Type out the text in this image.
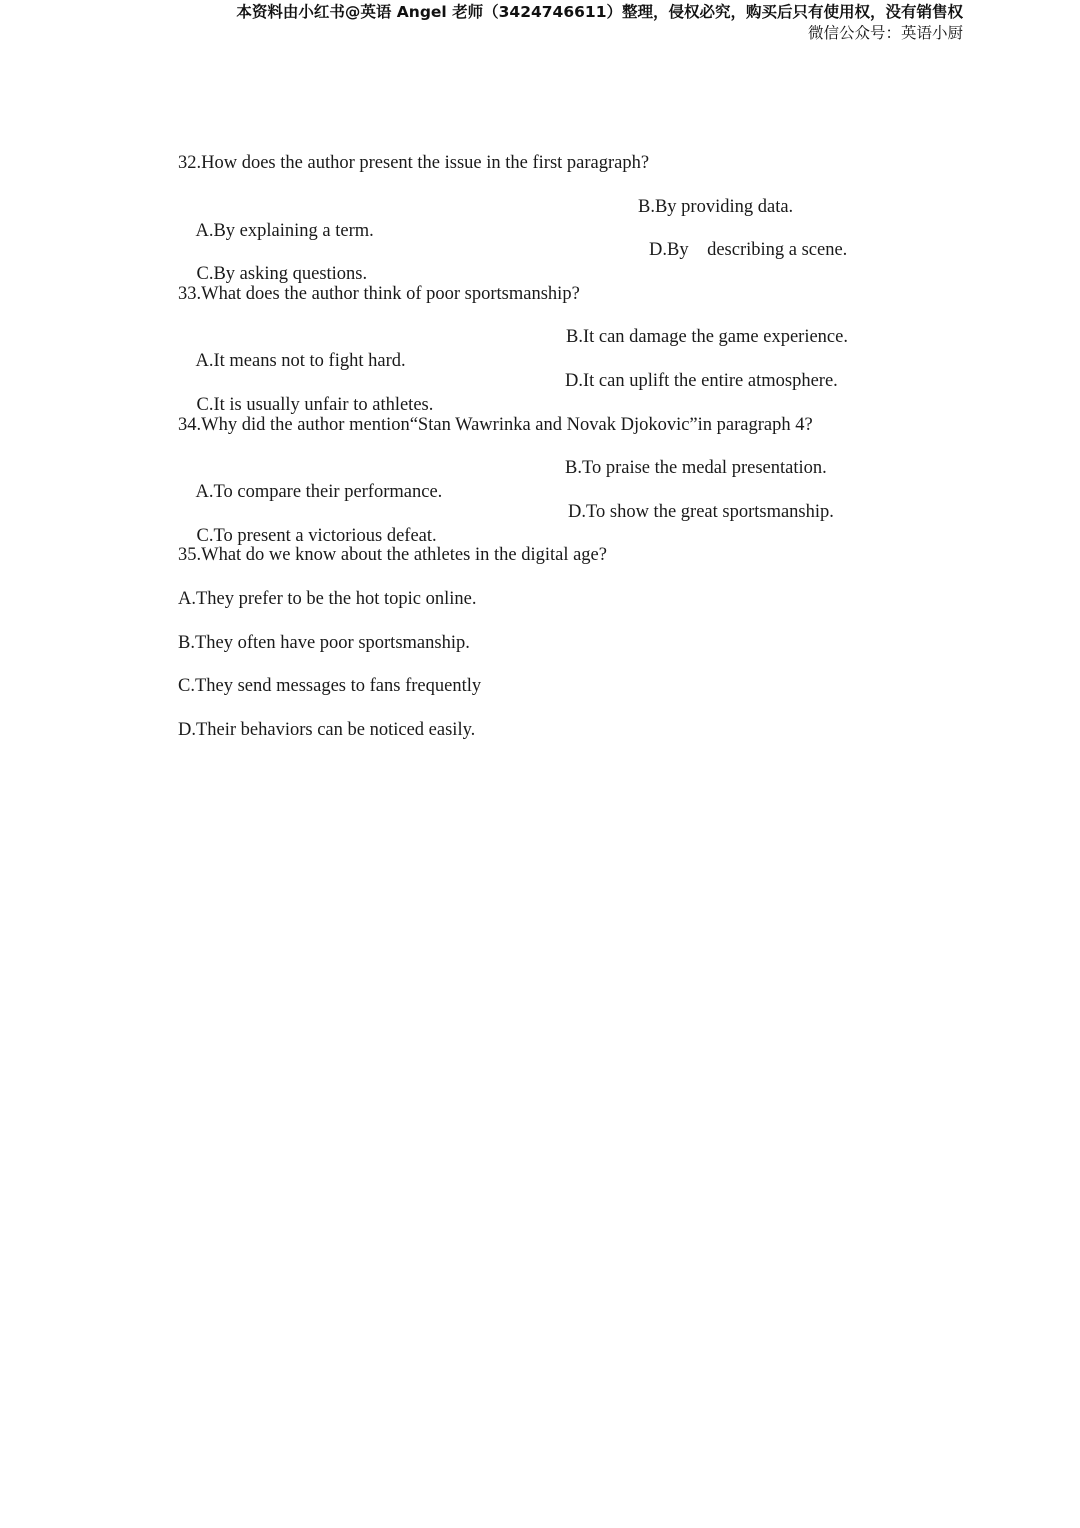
本资料由小红书@英语 Angel 老师（3424746611）整理，侵权必究，购买后只有使用权，没有销售权
微信公众号：英语小厨
32.How does the author present the issue in the first paragraph?

A.By explaining a term.

B.By providing data.

C.By asking questions.

D.By    describing a scene.

33.What does the author think of poor sportsmanship?

A.It means not to fight hard.

B.It can damage the game experience.

C.It is usually unfair to athletes.

D.It can uplift the entire atmosphere.

34.Why did the author mention“Stan Wawrinka and Novak Djokovic”in paragraph 4?

A.To compare their performance.

B.To praise the medal presentation.

C.To present a victorious defeat.

D.To show the great sportsmanship.

35.What do we know about the athletes in the digital age?
A.They prefer to be the hot topic online.
B.They often have poor sportsmanship.
C.They send messages to fans frequently
D.Their behaviors can be noticed easily.
